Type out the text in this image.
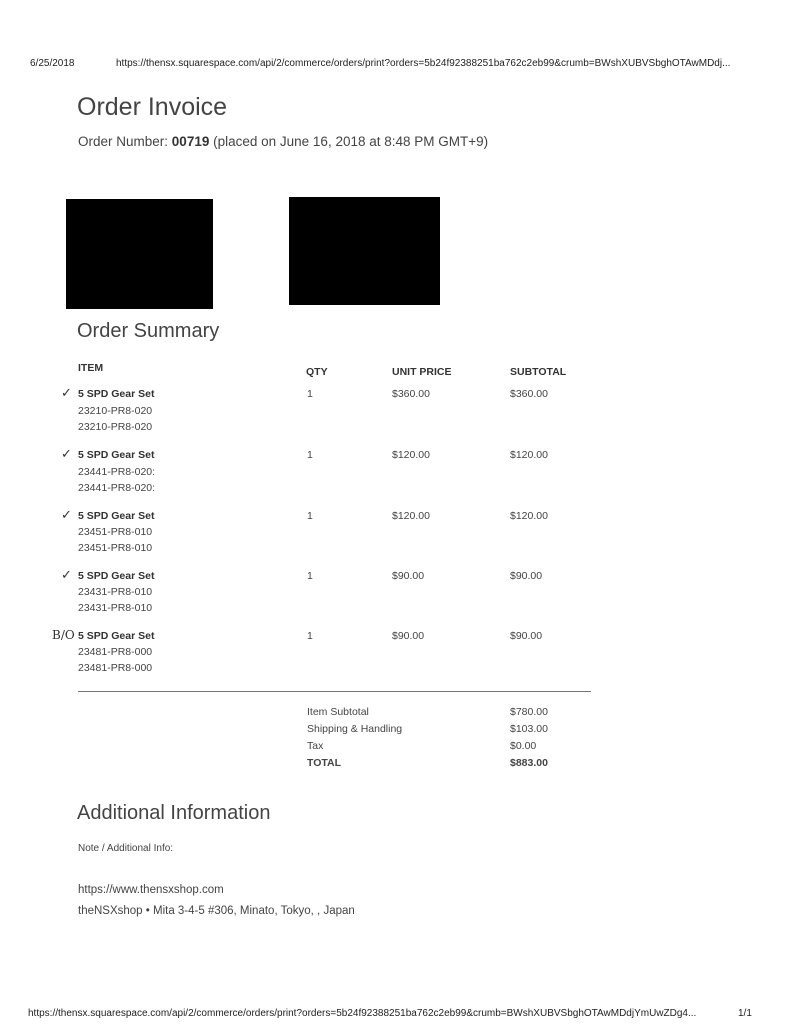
6/25/2018	https://thensx.squarespace.com/api/2/commerce/orders/print?orders=5b24f92388251ba762c2eb99&crumb=BWshXUBVSbghOTAwMDdj...
Order Invoice
Order Number: 00719 (placed on June 16, 2018 at 8:48 PM GMT+9)
Order Summary
ITEM	QTY	UNIT PRICE	SUBTOTAL
✓ 5 SPD Gear Set
23210-PR8-020
23210-PR8-020
1	$360.00	$360.00
✓ 5 SPD Gear Set
23441-PR8-020:
23441-PR8-020:
1	$120.00	$120.00
✓ 5 SPD Gear Set
23451-PR8-010
23451-PR8-010
1	$120.00	$120.00
✓ 5 SPD Gear Set
23431-PR8-010
23431-PR8-010
1	$90.00	$90.00
B/O 5 SPD Gear Set
23481-PR8-000
23481-PR8-000
1	$90.00	$90.00
Item Subtotal	$780.00
Shipping & Handling	$103.00
Tax	$0.00
TOTAL	$883.00
Additional Information
Note / Additional Info:
https://www.thensxshop.com
theNSXshop • Mita 3-4-5 #306, Minato, Tokyo, , Japan
https://thensx.squarespace.com/api/2/commerce/orders/print?orders=5b24f92388251ba762c2eb99&crumb=BWshXUBVSbghOTAwMDdjYmUwZDg4...	1/1
